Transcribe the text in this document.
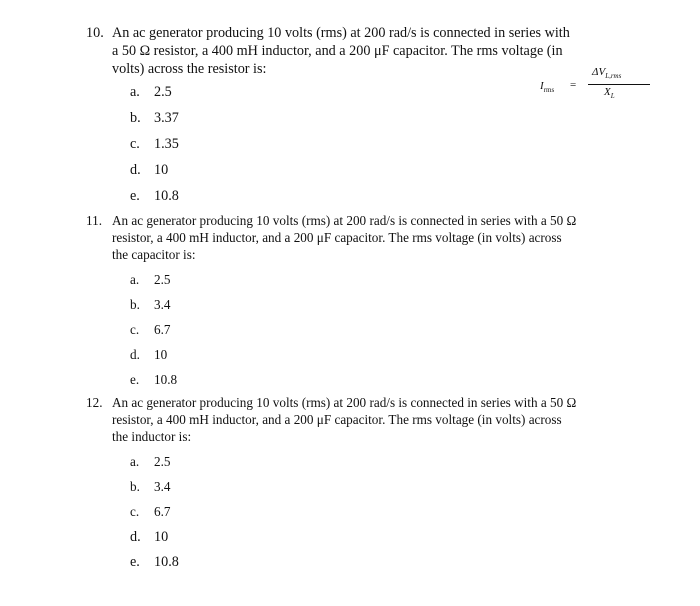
10. An ac generator producing 10 volts (rms) at 200 rad/s is connected in series with
a 50 Ω resistor, a 400 mH inductor, and a 200 μF capacitor. The rms voltage (in
volts) across the resistor is:
$I_{rms}$ =
$\Delta V_{L,rms}$
$X_L$
a. 2.5
b. 3.37
c. 1.35
d. 10
e. 10.8
11. An ac generator producing 10 volts (rms) at 200 rad/s is connected in series with a 50 Ω
resistor, a 400 mH inductor, and a 200 μF capacitor. The rms voltage (in volts) across
the capacitor is:
a. 2.5
b. 3.4
c. 6.7
d. 10
e. 10.8
12. An ac generator producing 10 volts (rms) at 200 rad/s is connected in series with a 50 Ω
resistor, a 400 mH inductor, and a 200 μF capacitor. The rms voltage (in volts) across
the inductor is:
a. 2.5
b. 3.4
c. 6.7
d. 10
e. 10.8
